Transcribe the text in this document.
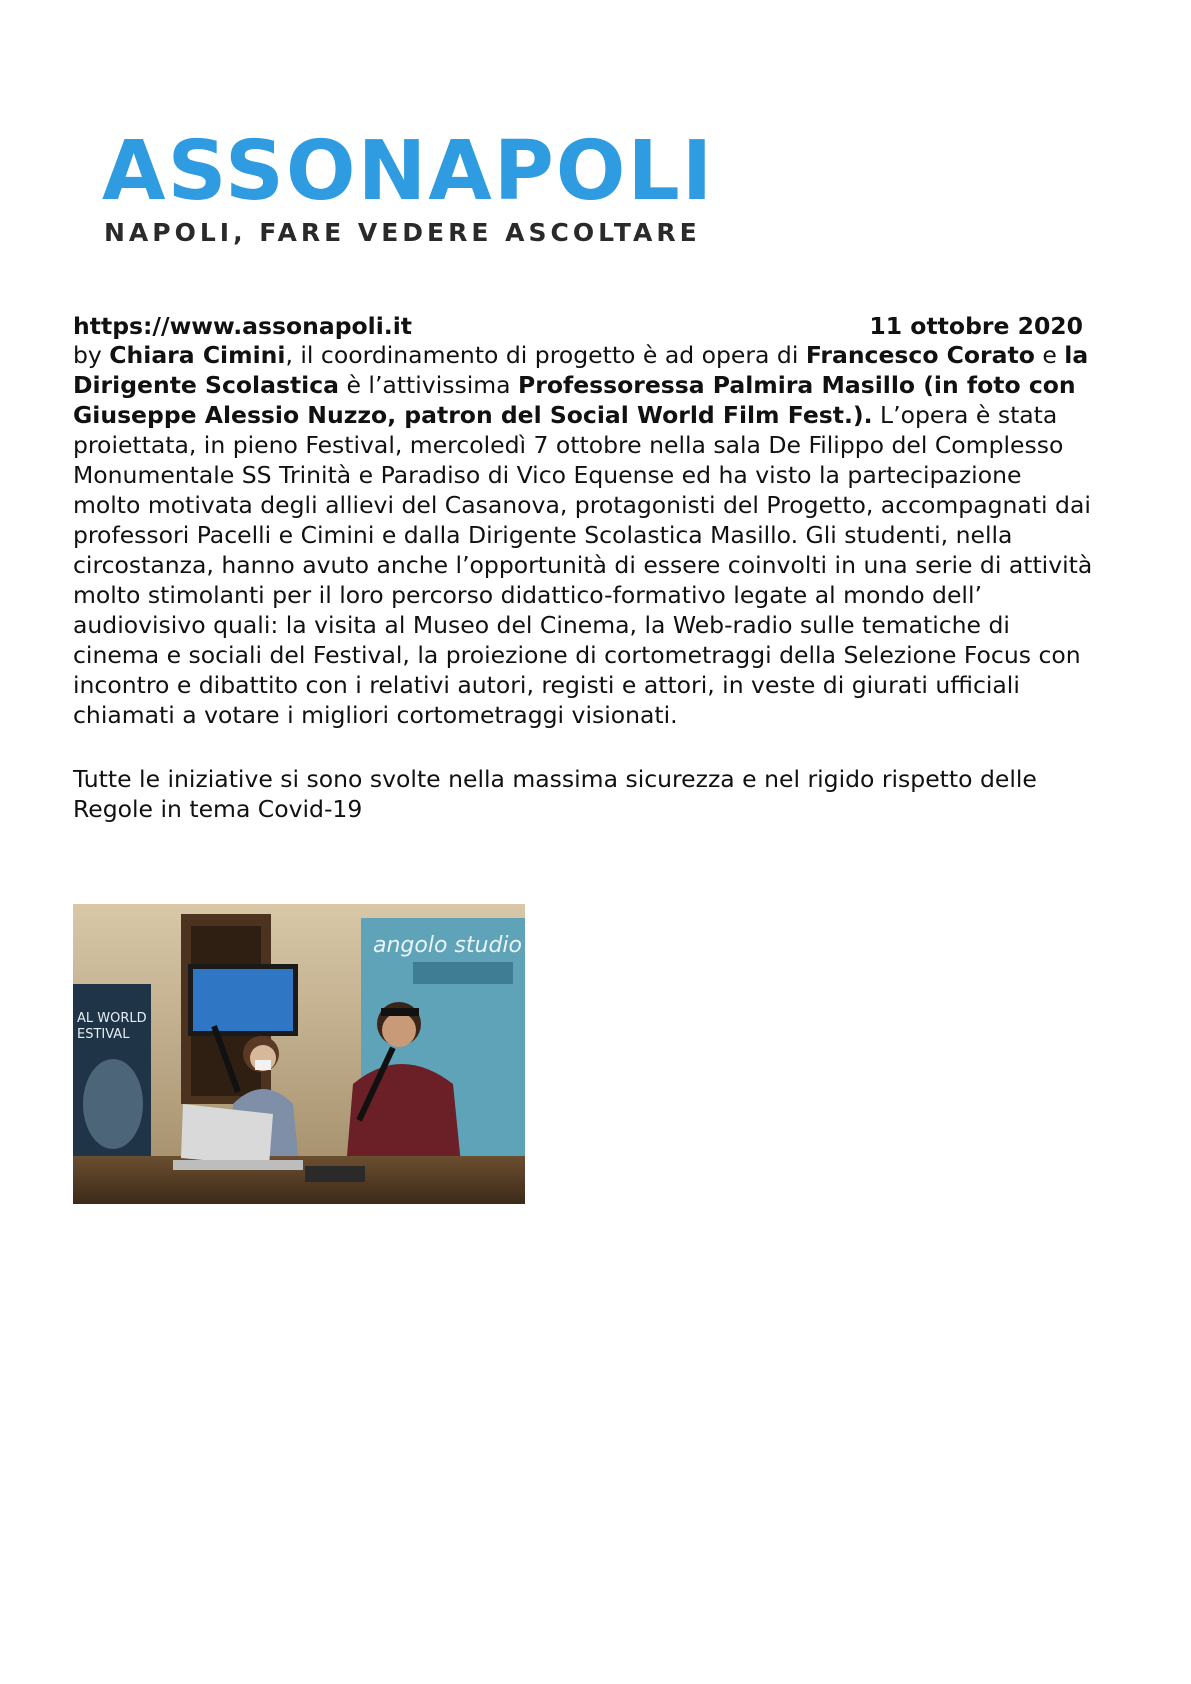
ASSONAPOLI
NAPOLI, FARE VEDERE ASCOLTARE
https://www.assonapoli.it	11 ottobre 2020

by Chiara Cimini, il coordinamento di progetto è ad opera di Francesco Corato e la Dirigente Scolastica è l’attivissima Professoressa Palmira Masillo (in foto con Giuseppe Alessio Nuzzo, patron del Social World Film Fest.). L’opera è stata proiettata, in pieno Festival, mercoledì 7 ottobre nella sala De Filippo del Complesso Monumentale SS Trinità e Paradiso di Vico Equense ed ha visto la partecipazione molto motivata degli allievi del Casanova, protagonisti del Progetto, accompagnati dai professori Pacelli e Cimini e dalla Dirigente Scolastica Masillo. Gli studenti, nella circostanza, hanno avuto anche l’opportunità di essere coinvolti in una serie di attività molto stimolanti per il loro percorso didattico-formativo legate al mondo dell’ audiovisivo quali: la visita al Museo del Cinema, la Web-radio sulle tematiche di cinema e sociali del Festival, la proiezione di cortometraggi della Selezione Focus con incontro e dibattito con i relativi autori, registi e attori, in veste di giurati ufficiali chiamati a votare i migliori cortometraggi visionati.

Tutte le iniziative si sono svolte nella massima sicurezza e nel rigido rispetto delle Regole in tema Covid-19

AL WORLD
ESTIVAL
angolo studio
